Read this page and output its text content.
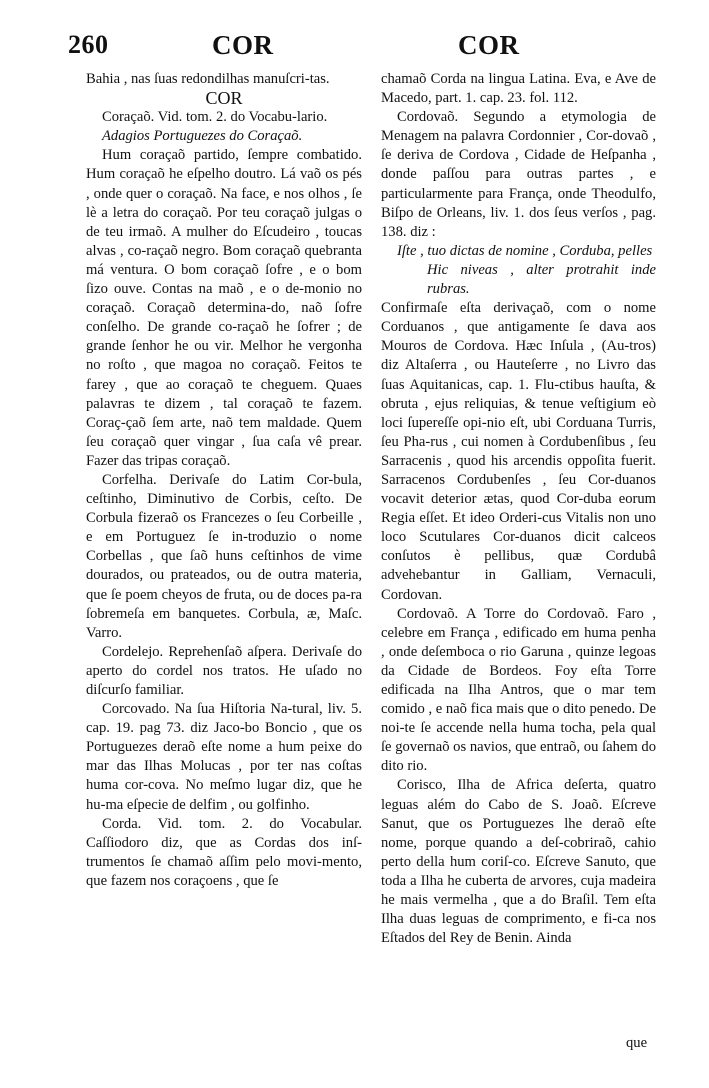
260	COR	COR

Bahia , nas ſuas redondilhas manuſcri-tas.

COR

Coraçaõ. Vid. tom. 2. do Vocabu-lario.

Adagios Portuguezes do Coraçaõ.

Hum coraçaõ partido, ſempre combatido. Hum coraçaõ he eſpelho doutro. Lá vaõ os pés , onde quer o coraçaõ. Na face, e nos olhos , ſe lè a letra do coraçaõ. Por teu coraçaõ julgas o de teu irmaõ. A mulher do Eſcudeiro , toucas alvas , co-raçaõ negro. Bom coraçaõ quebranta má ventura. O bom coraçaõ ſofre , e o bom ſizo ouve. Contas na maõ , e o de-monio no coraçaõ. Coraçaõ determina-do, naõ ſofre conſelho. De grande co-raçaõ he ſofrer ; de grande ſenhor he ou vir. Melhor he vergonha no roſto , que magoa no coraçaõ. Feitos te farey , que ao coraçaõ te cheguem. Quaes palavras te dizem , tal coraçaõ te fazem. Coraç-çaõ ſem arte, naõ tem maldade. Quem ſeu coraçaõ quer vingar , ſua caſa vê prear. Fazer das tripas coraçaõ.

Corfelha. Derivaſe do Latim Cor-bula, ceſtinho, Diminutivo de Corbis, ceſto. De Corbula fizeraõ os Francezes o ſeu Corbeille , e em Portuguez ſe in-troduzio o nome Corbellas , que ſaõ huns ceſtinhos de vime dourados, ou prateados, ou de outra materia, que ſe poem cheyos de fruta, ou de doces pa-ra ſobremeſa em banquetes. Corbula, æ, Maſc. Varro.

Cordelejo. Reprehenſaõ aſpera. Derivaſe do aperto do cordel nos tratos. He uſado no diſcurſo familiar.

Corcovado. Na ſua Hiſtoria Na-tural, liv. 5. cap. 19. pag 73. diz Jaco-bo Boncio , que os Portuguezes deraõ eſte nome a hum peixe do mar das Ilhas Molucas , por ter nas coſtas huma cor-cova. No meſmo lugar diz, que he hu-ma eſpecie de delfim , ou golfinho.

Corda. Vid. tom. 2. do Vocabular. Caſſiodoro diz, que as Cordas dos inſ-trumentos ſe chamaõ aſſim pelo movi-mento, que fazem nos coraçoens , que ſe

chamaõ Corda na lingua Latina. Eva, e Ave de Macedo, part. 1. cap. 23. fol. 112.

Cordovaõ. Segundo a etymologia de Menagem na palavra Cordonnier , Cor-dovaõ , ſe deriva de Cordova , Cidade de Heſpanha , donde paſſou para outras partes , e particularmente para França, onde Theodulfo, Biſpo de Orleans, liv. 1. dos ſeus verſos , pag. 138. diz :

Iſte , tuo dictas de nomine , Corduba, pelles

Hic niveas , alter protrahit inde rubras.

Confirmaſe eſta derivaçaõ, com o nome Corduanos , que antigamente ſe dava aos Mouros de Cordova. Hæc Inſula , (Au-tros) diz Altaſerra , ou Hauteſerre , no Livro das ſuas Aquitanicas, cap. 1. Flu-ctibus hauſta, & obruta , ejus reliquias, & tenue veſtigium eò loci ſupereſſe opi-nio eſt, ubi Corduana Turris, ſeu Pha-rus , cui nomen à Cordubenſibus , ſeu Sarracenis , quod his arcendis oppoſita fuerit. Sarracenos Cordubenſes , ſeu Cor-duanos vocavit deterior ætas, quod Cor-duba eorum Regia eſſet. Et ideo Orderi-cus Vitalis non uno loco Scutulares Cor-duanos dicit calceos conſutos è pellibus, quæ Cordubâ advehebantur in Galliam, Vernaculi, Cordovan.

Cordovaõ. A Torre do Cordovaõ. Faro , celebre em França , edificado em huma penha , onde deſemboca o rio Garuna , quinze legoas da Cidade de Bordeos. Foy eſta Torre edificada na Ilha Antros, que o mar tem comido , e naõ fica mais que o dito penedo. De noi-te ſe accende nella huma tocha, pela qual ſe governaõ os navios, que entraõ, ou ſahem do dito rio.

Corisco, Ilha de Africa deſerta, quatro leguas além do Cabo de S. Joaõ. Eſcreve Sanut, que os Portuguezes lhe deraõ eſte nome, porque quando a deſ-cobriraõ, cahio perto della hum coriſ-co. Eſcreve Sanuto, que toda a Ilha he cuberta de arvores, cuja madeira he mais vermelha , que a do Braſil. Tem eſta Ilha duas leguas de comprimento, e fi-ca nos Eſtados del Rey de Benin. Ainda

que
